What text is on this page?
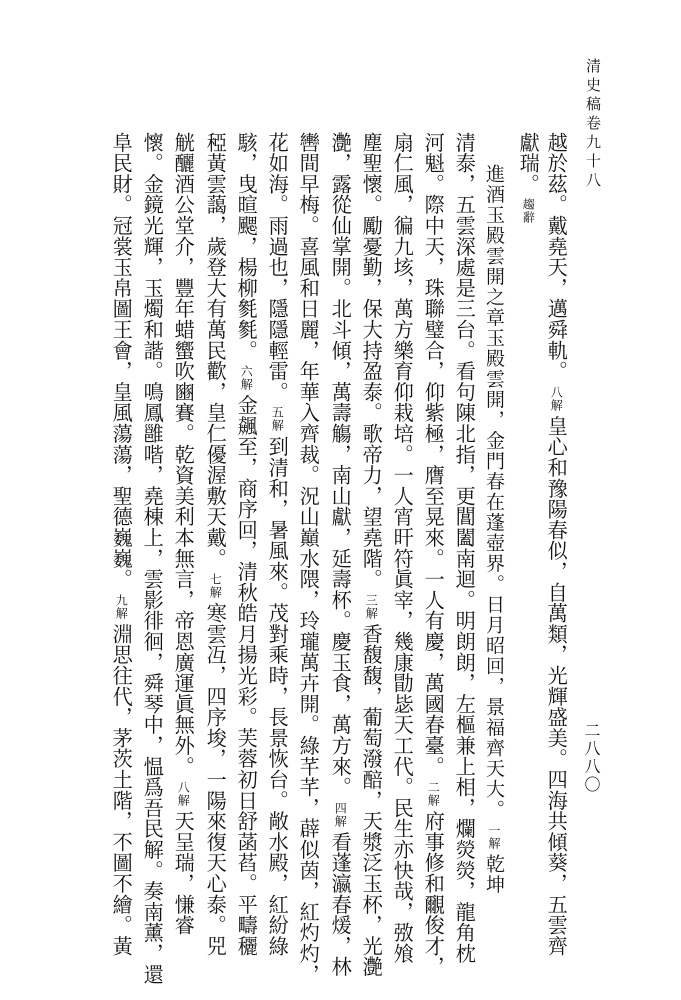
二八八〇
越於茲。戴堯天，邁舜軌。八解皇心和豫陽春似，自萬類，光輝盛美。四海共傾葵，五雲齊
獻瑞。趨辭
進酒玉殿雲開之章玉殿雲開，金門春在蓬壺界。日月昭回，景福齊天大。一解乾坤
清泰，五雲深處是三台。看句陳北指，更閶闔南迴。明朗朗，左樞兼上相，爛熒熒，龍角枕
河魁。際中天，珠聯璧合，仰紫極，膺至晃來。一人有慶，萬國春臺。二解府事修和覼俊才，
扇仁風，徧九垓，萬方樂育仰栽培。一人宵旰符眞宰，幾康勖毖天工代。民生亦快哉，㢸飧
塵聖懷。勵憂勤，保大持盈泰。歌帝力，望堯階。三解香馥馥，葡萄潑醅，天漿泛玉杯，光灔
灔，露從仙掌開。北斗傾，萬壽觴，南山獻，延壽杯。慶玉食，萬方來。四解看蓬瀛春煖，林
轡間早梅。喜風和日麗，年華入齊裁。況山巔水隈，玲瓏萬卉開。綠芊芊，薜似茵，紅灼灼，
花如海。雨過也，隱隱輕雷。五解到清和，暑風來。茂對乘時，長景恢台。敞水殿，紅紛綠
駭，曳暄颸，楊柳毿毿。六解金飆至，商序回，清秋皓月揚光彩。芙蓉初日舒菡萏。平疇穲
稏黃雲藹，歲登大有萬民歡，皇仁優渥敷天戴。七解寒雲冱，四序埈，一陽來復天心泰。兕
觥釃酒公堂介，豐年蜡蠁吹豳賽。乾資美利本無言，帝恩廣運眞無外。八解天呈瑞，慊睿
懷。金鏡光輝，玉燭和諧。鳴鳳雝喈，堯棟上，雲影徘徊，舜琴中，愠爲吾民解。奏南薰，還
阜民財。冠裳玉帛圖王會，皇風蕩蕩，聖德巍巍。九解淵思往代，茅茨土階，不圖不繪。黃
清史稿卷九十八
